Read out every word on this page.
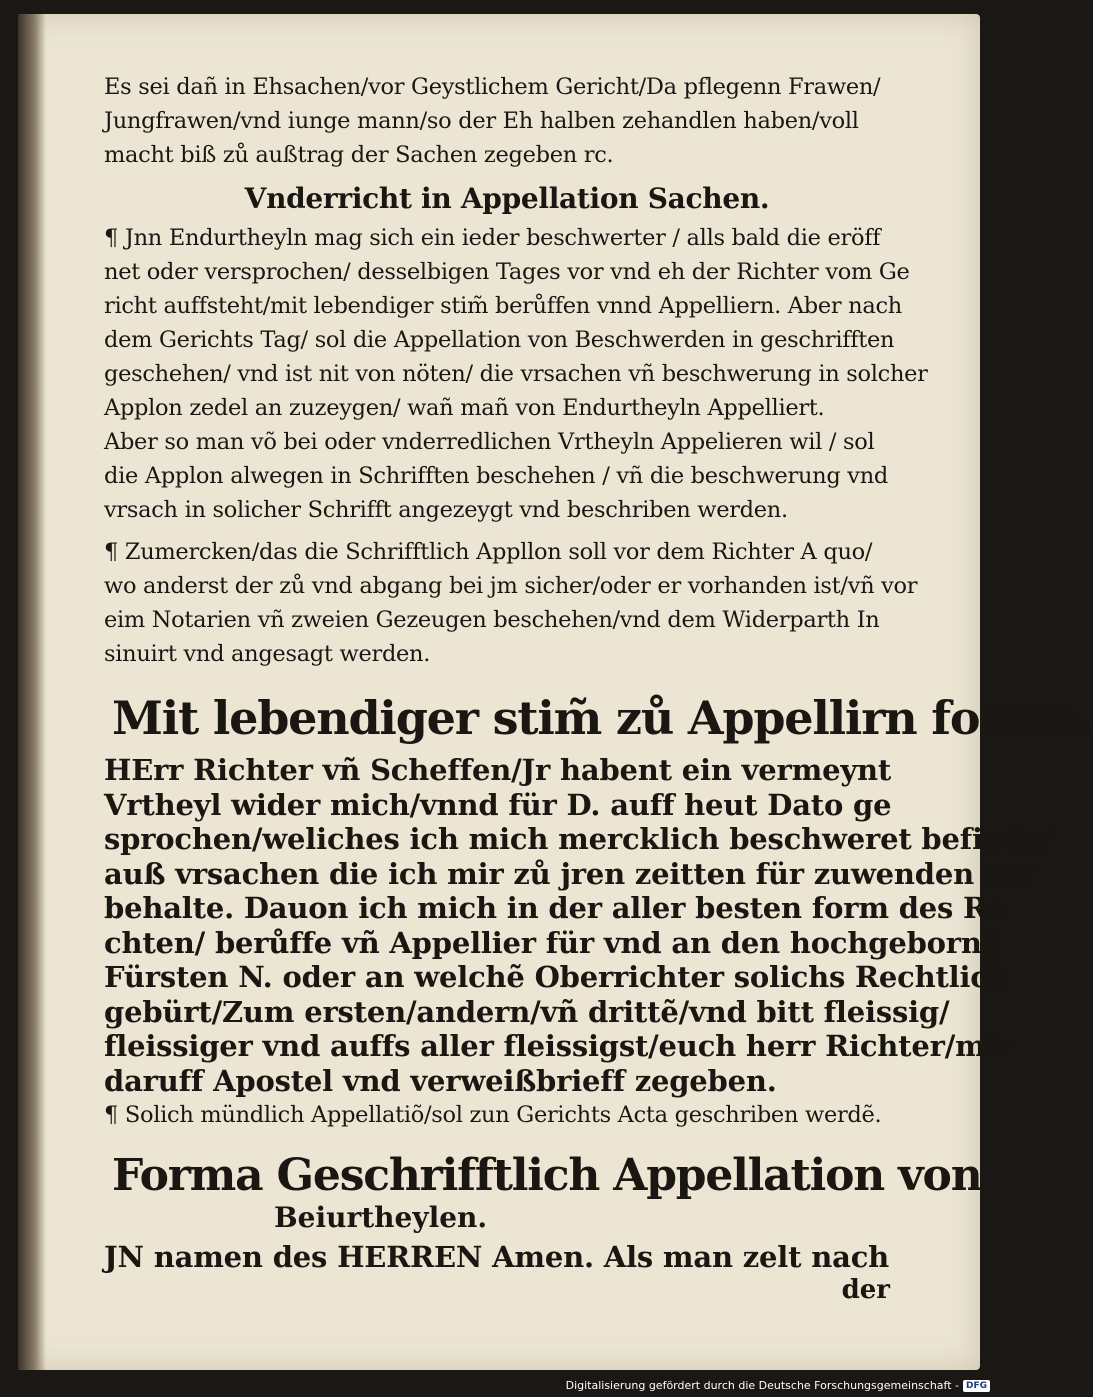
Es sei dañ in Ehsachen/vor Geystlichem Gericht/Da pflegenn Frawen/
Jungfrawen/vnd iunge mann/so der Eh halben zehandlen haben/voll
macht biß zů außtrag der Sachen zegeben rc.
Vnderricht in Appellation Sachen.
¶ Jnn Endurtheyln mag sich ein ieder beschwerter / alls bald die eröff
net oder versprochen/ desselbigen Tages vor vnd eh der Richter vom Ge
richt auffsteht/mit lebendiger stim̃ berůffen vnnd Appelliern. Aber nach
dem Gerichts Tag/ sol die Appellation von Beschwerden in geschrifften
geschehen/ vnd ist nit von nöten/ die vrsachen vñ beschwerung in solcher
Applon zedel an zuzeygen/ wañ mañ von Endurtheyln Appelliert.
Aber so man võ bei oder vnderredlichen Vrtheyln Appelieren wil / sol
die Applon alwegen in Schrifften beschehen / vñ die beschwerung vnd
vrsach in solicher Schrifft angezeygt vnd beschriben werden.
¶ Zumercken/das die Schrifftlich Appllon soll vor dem Richter A quo/
wo anderst der zů vnd abgang bei jm sicher/oder er vorhanden ist/vñ vor
eim Notarien vñ zweien Gezeugen beschehen/vnd dem Widerparth In
sinuirt vnd angesagt werden.
Mit lebendiger stim̃ zů Appellirn forma.
HErr Richter vñ Scheffen/Jr habent ein vermeynt
Vrtheyl wider mich/vnnd für D. auff heut Dato ge
sprochen/weliches ich mich mercklich beschweret befinde/
auß vrsachen die ich mir zů jren zeitten für zuwenden vor
behalte. Dauon ich mich in der aller besten form des Re
chten/ berůffe vñ Appellier für vnd an den hochgebornẽ
Fürsten N. oder an welchẽ Oberrichter solichs Rechtlich
gebürt/Zum ersten/andern/vñ drittẽ/vnd bitt fleissig/
fleissiger vnd auffs aller fleissigst/euch herr Richter/mir
daruff Apostel vnd verweißbrieff zegeben.
¶ Solich mündlich Appellatiõ/sol zun Gerichts Acta geschriben werdẽ.
Forma Geschrifftlich Appellation von
Beiurtheylen.
JN namen des HERREN Amen. Als man zelt nach
der
Digitalisierung gefördert durch die Deutsche Forschungsgemeinschaft - DFG
